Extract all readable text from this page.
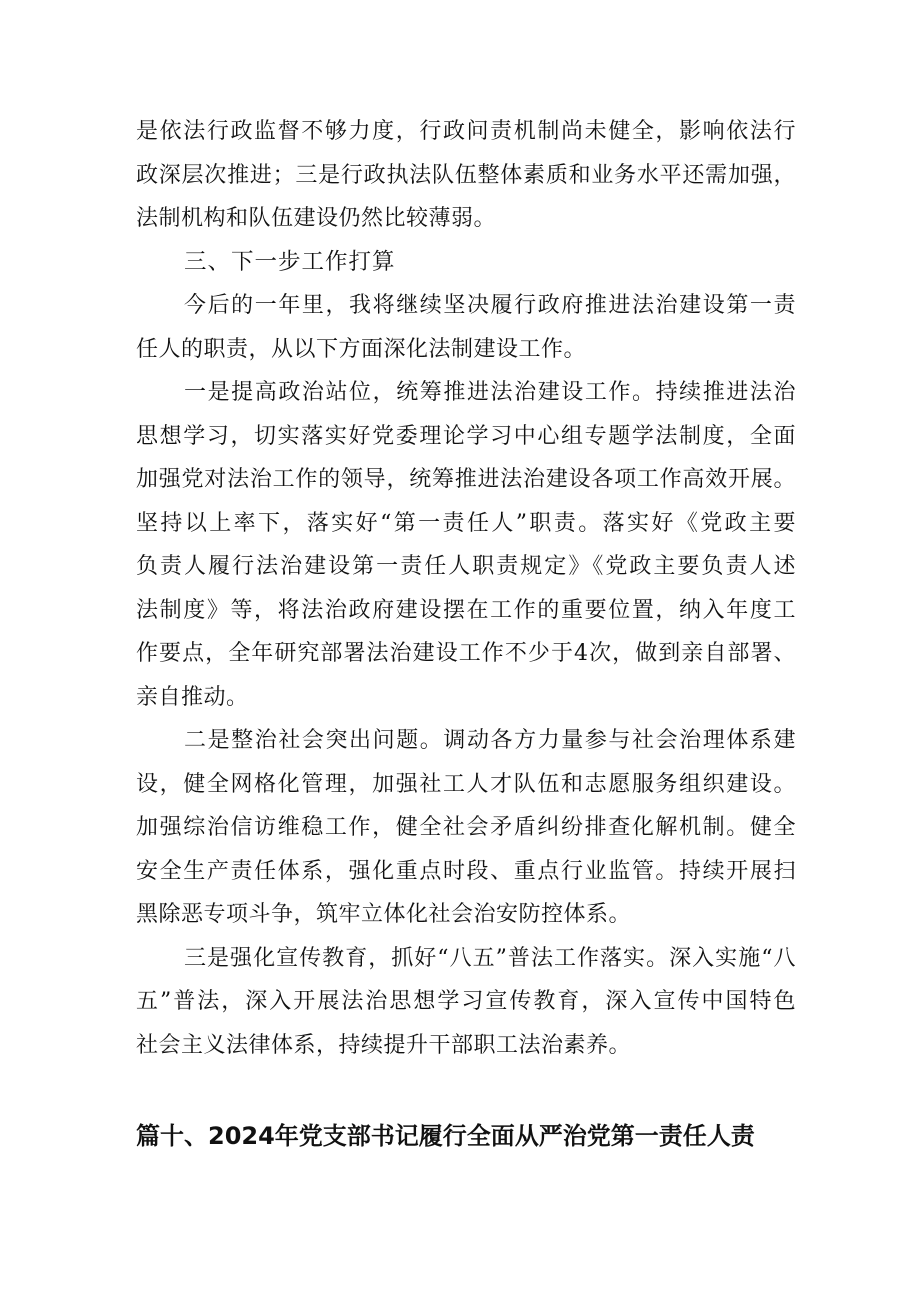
是依法行政监督不够力度，行政问责机制尚未健全，影响依法行
政深层次推进；三是行政执法队伍整体素质和业务水平还需加强，
法制机构和队伍建设仍然比较薄弱。
三、下一步工作打算
今后的一年里，我将继续坚决履行政府推进法治建设第一责
任人的职责，从以下方面深化法制建设工作。
一是提高政治站位，统筹推进法治建设工作。持续推进法治
思想学习，切实落实好党委理论学习中心组专题学法制度，全面
加强党对法治工作的领导，统筹推进法治建设各项工作高效开展。
坚持以上率下，落实好“第一责任人”职责。落实好《党政主要
负责人履行法治建设第一责任人职责规定》《党政主要负责人述
法制度》等，将法治政府建设摆在工作的重要位置，纳入年度工
作要点，全年研究部署法治建设工作不少于4次，做到亲自部署、
亲自推动。
二是整治社会突出问题。调动各方力量参与社会治理体系建
设，健全网格化管理，加强社工人才队伍和志愿服务组织建设。
加强综治信访维稳工作，健全社会矛盾纠纷排查化解机制。健全
安全生产责任体系，强化重点时段、重点行业监管。持续开展扫
黑除恶专项斗争，筑牢立体化社会治安防控体系。
三是强化宣传教育，抓好“八五”普法工作落实。深入实施“八
五”普法，深入开展法治思想学习宣传教育，深入宣传中国特色
社会主义法律体系，持续提升干部职工法治素养。
篇十、2024年党支部书记履行全面从严治党第一责任人责
